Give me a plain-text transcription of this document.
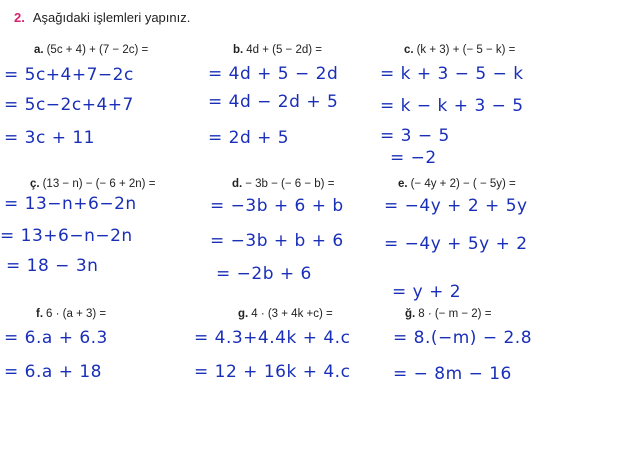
2. Aşağıdaki işlemleri yapınız.
a. (5c + 4) + (7 − 2c) =
= 5c+4+7−2c
= 5c−2c+4+7
= 3c + 11
b. 4d + (5 − 2d) =
= 4d + 5 − 2d
= 4d − 2d + 5
= 2d + 5
c. (k + 3) + (− 5 − k) =
= k + 3 − 5 − k
= k − k + 3 − 5
= 3 − 5
= −2
ç. (13 − n) − (− 6 + 2n) =
= 13−n+6−2n
= 13+6−n−2n
= 18 − 3n
d. − 3b − (− 6 − b) =
= −3b + 6 + b
= −3b + b + 6
= −2b + 6
e. (− 4y + 2) − ( − 5y) =
= −4y + 2 + 5y
= −4y + 5y + 2
= y + 2
f. 6 · (a + 3) =
= 6.a + 6.3
= 6.a + 18
g. 4 · (3 + 4k +c) =
= 4.3+4.4k + 4.c
= 12 + 16k + 4.c
ğ. 8 · (− m − 2) =
= 8.(−m) − 2.8
= − 8m − 16
